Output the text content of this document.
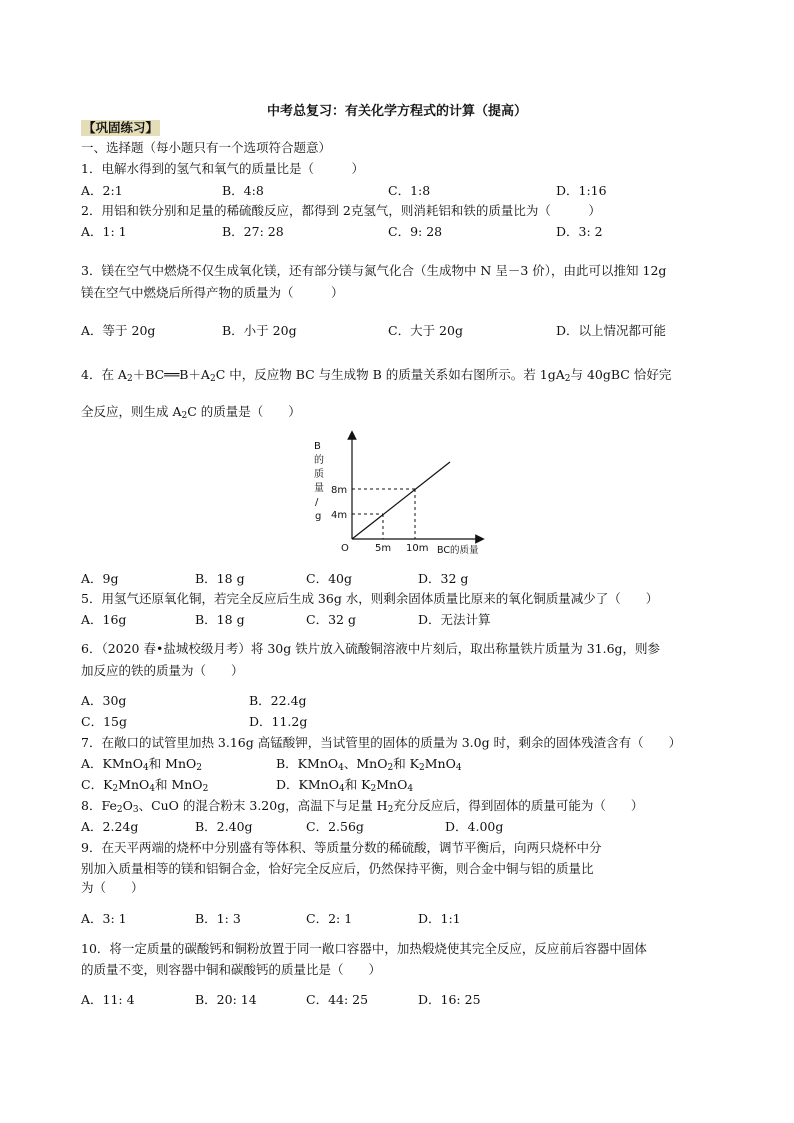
中考总复习：有关化学方程式的计算（提高）
【巩固练习】
一、选择题（每小题只有一个选项符合题意）
1．电解水得到的氢气和氧气的质量比是（　　　）
A．2:1	B．4:8	C．1:8	D．1:16
2．用铝和铁分别和足量的稀硫酸反应，都得到 2克氢气，则消耗铝和铁的质量比为（　　　）
A．1: 1	B．27: 28	C．9: 28	D．3: 2
3．镁在空气中燃烧不仅生成氧化镁，还有部分镁与氮气化合（生成物中 N 呈－3 价），由此可以推知 12g
镁在空气中燃烧后所得产物的质量为（　　　）
A．等于 20g	B．小于 20g	C．大于 20g	D．以上情况都可能
4．在 $A_2+BC══B+A_2C$ 中，反应物 BC 与生成物 B 的质量关系如右图所示。若 $1gA_2$与 40gBC 恰好完
全反应，则生成 $A_2C$ 的质量是（　　）
B
的
质
量
/
g
8m
4m
O	5m 10m BC的质量
A．9g	B．18 g	C．40g	D．32 g
5．用氢气还原氧化铜，若完全反应后生成 36g 水，则剩余固体质量比原来的氧化铜质量减少了（　　）
A．16g	B．18 g	C．32 g	D．无法计算
6．（2020 春•盐城校级月考）将 30g 铁片放入硫酸铜溶液中片刻后，取出称量铁片质量为 31.6g，则参
加反应的铁的质量为（　　）
A．30g	B．22.4g
C．15g	D．11.2g
7．在敞口的试管里加热 3.16g 高锰酸钾，当试管里的固体的质量为 3.0g 时，剩余的固体残渣含有（　　）
A．KMnO$_4$和 MnO$_2$	B．KMnO$_4$、MnO$_2$和 $K_2MnO_4$
C．$K_2MnO_4$和 MnO$_2$	D．KMnO$_4$和 $K_2MnO_4$
8．$Fe_2O_3$、CuO 的混合粉末 3.20g，高温下与足量 $H_2$充分反应后，得到固体的质量可能为（　　）
A．2.24g	B．2.40g	C．2.56g	D．4.00g
9．在天平两端的烧杯中分别盛有等体积、等质量分数的稀硫酸，调节平衡后，向两只烧杯中分
别加入质量相等的镁和铝铜合金，恰好完全反应后，仍然保持平衡，则合金中铜与铝的质量比
为（　　）
A．3: 1	B．1: 3	C．2: 1	D．1:1
10．将一定质量的碳酸钙和铜粉放置于同一敞口容器中，加热煅烧使其完全反应，反应前后容器中固体
的质量不变，则容器中铜和碳酸钙的质量比是（　　）
A．11: 4	B．20: 14	C．44: 25	D．16: 25
